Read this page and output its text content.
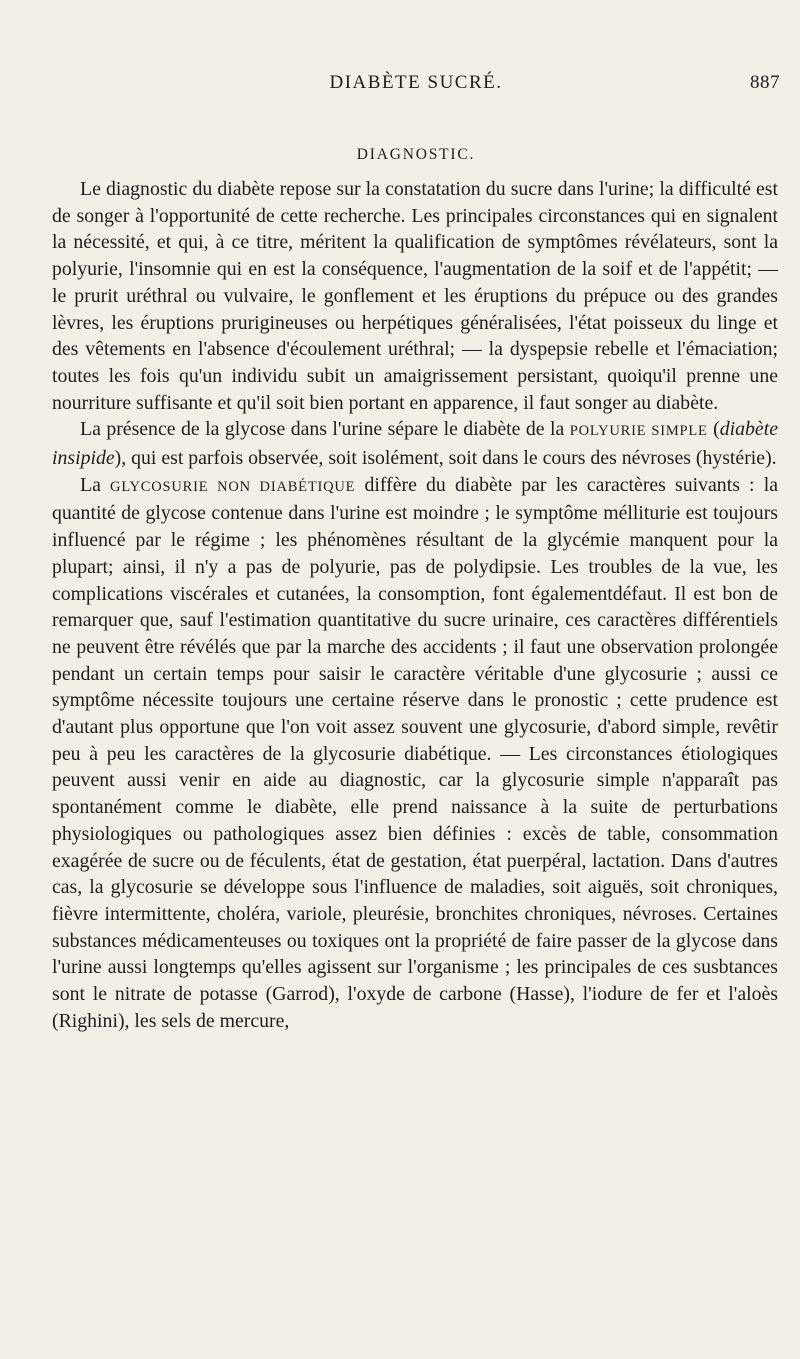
DIABÈTE SUCRÉ.	887
DIAGNOSTIC.

Le diagnostic du diabète repose sur la constatation du sucre dans l'urine; la difficulté est de songer à l'opportunité de cette recherche. Les principales circonstances qui en signalent la nécessité, et qui, à ce titre, méritent la qualification de symptômes révélateurs, sont la polyurie, l'insomnie qui en est la conséquence, l'augmentation de la soif et de l'appétit; — le prurit uréthral ou vulvaire, le gonflement et les éruptions du prépuce ou des grandes lèvres, les éruptions prurigineuses ou herpétiques généralisées, l'état poisseux du linge et des vêtements en l'absence d'écoulement uréthral; — la dyspepsie rebelle et l'émaciation; toutes les fois qu'un individu subit un amaigrissement persistant, quoiqu'il prenne une nourriture suffisante et qu'il soit bien portant en apparence, il faut songer au diabète.

La présence de la glycose dans l'urine sépare le diabète de la POLYURIE SIMPLE (diabète insipide), qui est parfois observée, soit isolément, soit dans le cours des névroses (hystérie).

La GLYCOSURIE NON DIABÉTIQUE diffère du diabète par les caractères suivants : la quantité de glycose contenue dans l'urine est moindre ; le symptôme mélliturie est toujours influencé par le régime ; les phénomènes résultant de la glycémie manquent pour la plupart; ainsi, il n'y a pas de polyurie, pas de polydipsie. Les troubles de la vue, les complications viscérales et cutanées, la consomption, font égalementdéfaut. Il est bon de remarquer que, sauf l'estimation quantitative du sucre urinaire, ces caractères différentiels ne peuvent être révélés que par la marche des accidents ; il faut une observation prolongée pendant un certain temps pour saisir le caractère véritable d'une glycosurie ; aussi ce symptôme nécessite toujours une certaine réserve dans le pronostic ; cette prudence est d'autant plus opportune que l'on voit assez souvent une glycosurie, d'abord simple, revêtir peu à peu les caractères de la glycosurie diabétique. — Les circonstances étiologiques peuvent aussi venir en aide au diagnostic, car la glycosurie simple n'apparaît pas spontanément comme le diabète, elle prend naissance à la suite de perturbations physiologiques ou pathologiques assez bien définies : excès de table, consommation exagérée de sucre ou de féculents, état de gestation, état puerpéral, lactation. Dans d'autres cas, la glycosurie se développe sous l'influence de maladies, soit aiguës, soit chroniques, fièvre intermittente, choléra, variole, pleurésie, bronchites chroniques, névroses. Certaines substances médicamenteuses ou toxiques ont la propriété de faire passer de la glycose dans l'urine aussi longtemps qu'elles agissent sur l'organisme ; les principales de ces susbtances sont le nitrate de potasse (Garrod), l'oxyde de carbone (Hasse), l'iodure de fer et l'aloès (Righini), les sels de mercure,
